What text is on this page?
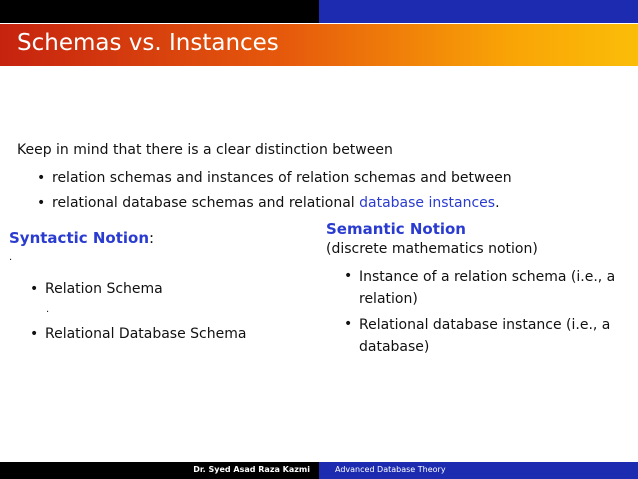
Schemas vs. Instances
Keep in mind that there is a clear distinction between
• relation schemas and instances of relation schemas and between
• relational database schemas and relational database instances.
Syntactic Notion:
.
• Relation Schema
.
• Relational Database Schema
Semantic Notion
(discrete mathematics notion)
• Instance of a relation schema (i.e., a
relation)
• Relational database instance (i.e., a
database)
Dr. Syed Asad Raza Kazmi	Advanced Database Theory
